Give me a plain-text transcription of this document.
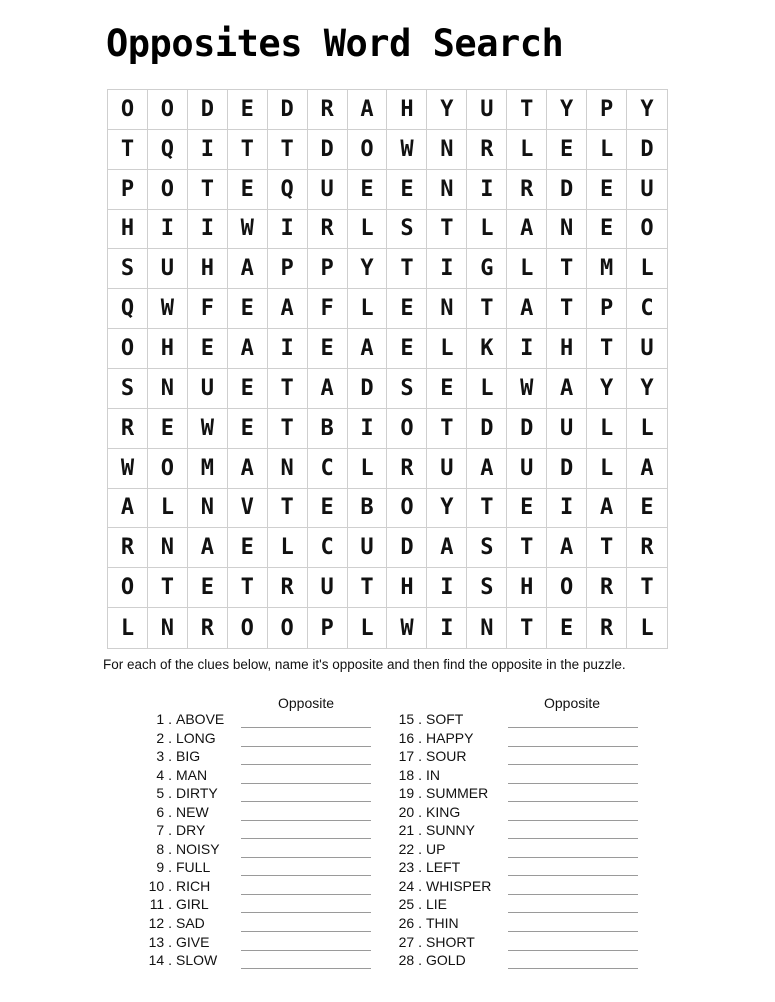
Opposites Word Search
O	O	D	E	D	R	A	H	Y	U	T	Y	P	Y
T	Q	I	T	T	D	O	W	N	R	L	E	L	D
P	O	T	E	Q	U	E	E	N	I	R	D	E	U
H	I	I	W	I	R	L	S	T	L	A	N	E	O
S	U	H	A	P	P	Y	T	I	G	L	T	M	L
Q	W	F	E	A	F	L	E	N	T	A	T	P	C
O	H	E	A	I	E	A	E	L	K	I	H	T	U
S	N	U	E	T	A	D	S	E	L	W	A	Y	Y
R	E	W	E	T	B	I	O	T	D	D	U	L	L
W	O	M	A	N	C	L	R	U	A	U	D	L	A
A	L	N	V	T	E	B	O	Y	T	E	I	A	E
R	N	A	E	L	C	U	D	A	S	T	A	T	R
O	T	E	T	R	U	T	H	I	S	H	O	R	T
L	N	R	O	O	P	L	W	I	N	T	E	R	L
For each of the clues below, name it's opposite and then find the opposite in the puzzle.
Opposite	Opposite
1 . ABOVE
2 . LONG
3 . BIG
4 . MAN
5 . DIRTY
6 . NEW
7 . DRY
8 . NOISY
9 . FULL
10 . RICH
11 . GIRL
12 . SAD
13 . GIVE
14 . SLOW
15 . SOFT
16 . HAPPY
17 . SOUR
18 . IN
19 . SUMMER
20 . KING
21 . SUNNY
22 . UP
23 . LEFT
24 . WHISPER
25 . LIE
26 . THIN
27 . SHORT
28 . GOLD
